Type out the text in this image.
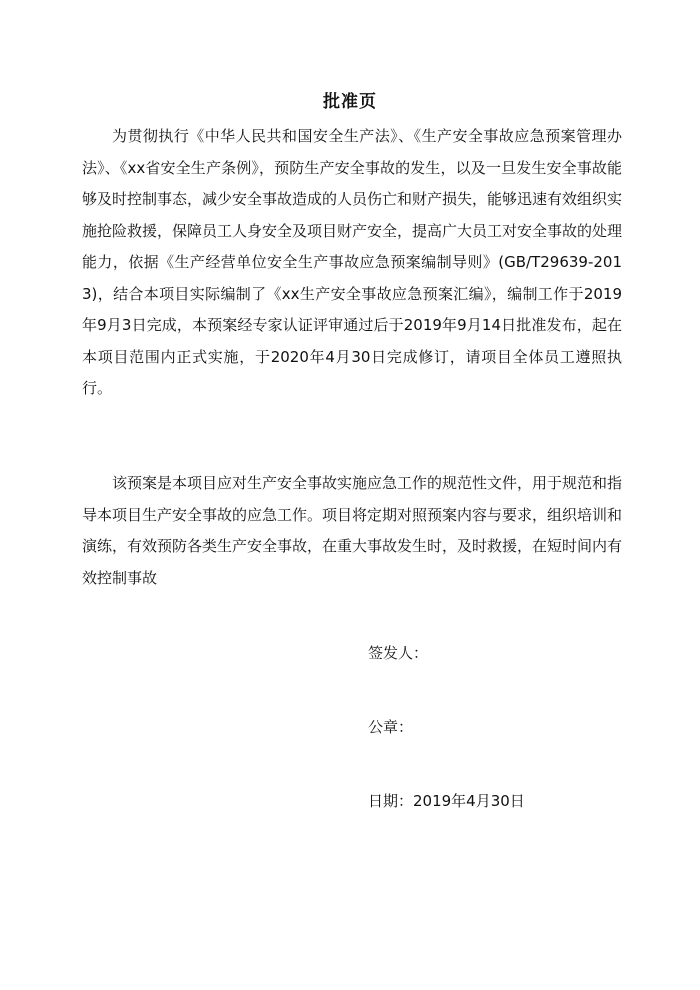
批准页

为贯彻执行《中华人民共和国安全生产法》、《生产安全事故应急预案管理办法》、《xx省安全生产条例》，预防生产安全事故的发生，以及一旦发生安全事故能够及时控制事态，减少安全事故造成的人员伤亡和财产损失，能够迅速有效组织实施抢险救援，保障员工人身安全及项目财产安全，提高广大员工对安全事故的处理能力，依据《生产经营单位安全生产事故应急预案编制导则》(GB/T29639-2013)，结合本项目实际编制了《xx生产安全事故应急预案汇编》，编制工作于2019年9月3日完成，本预案经专家认证评审通过后于2019年9月14日批准发布，起在本项目范围内正式实施，于2020年4月30日完成修订，请项目全体员工遵照执行。

该预案是本项目应对生产安全事故实施应急工作的规范性文件，用于规范和指导本项目生产安全事故的应急工作。项目将定期对照预案内容与要求，组织培训和演练，有效预防各类生产安全事故，在重大事故发生时，及时救援，在短时间内有效控制事故

签发人：
公章：
日期：2019年4月30日
